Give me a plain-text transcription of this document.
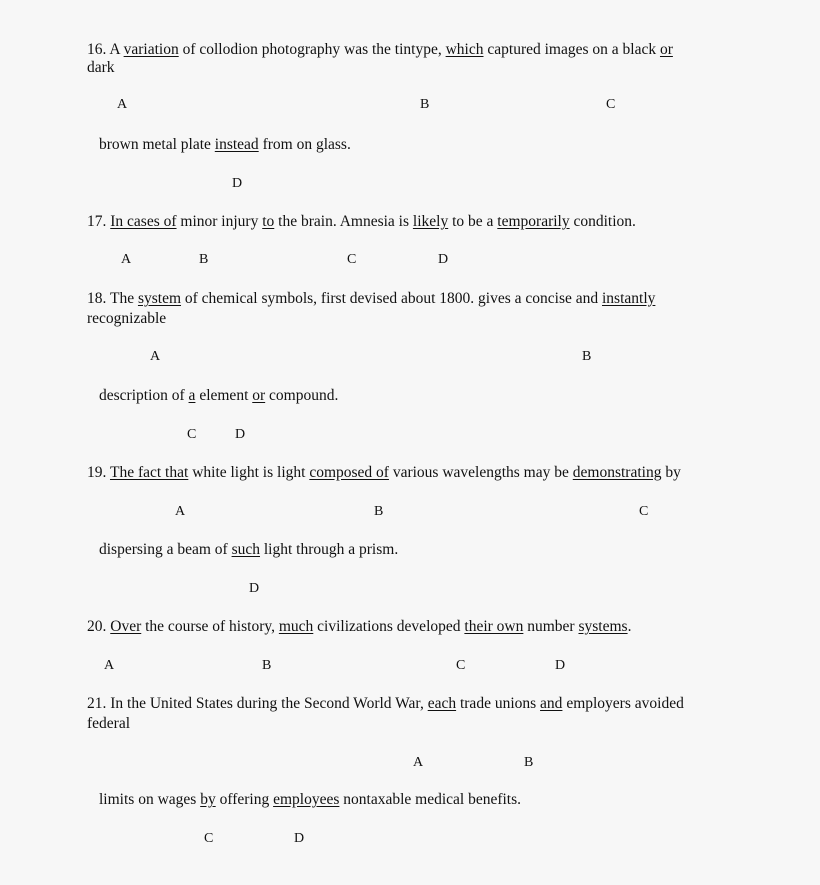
16. A variation of collodion photography was the tintype, which captured images on a black or
dark
A	B	C
brown metal plate instead from on glass.
D
17. In cases of minor injury to the brain. Amnesia is likely to be a temporarily condition.
A	B	C	D
18. The system of chemical symbols, first devised about 1800. gives a concise and instantly
recognizable
A	B
description of a element or compound.
C	D
19. The fact that white light is light composed of various wavelengths may be demonstrating by
A	B	C
dispersing a beam of such light through a prism.
D
20. Over the course of history, much civilizations developed their own number systems.
A	B	C	D
21. In the United States during the Second World War, each trade unions and employers avoided
federal
A	B
limits on wages by offering employees nontaxable medical benefits.
C	D
